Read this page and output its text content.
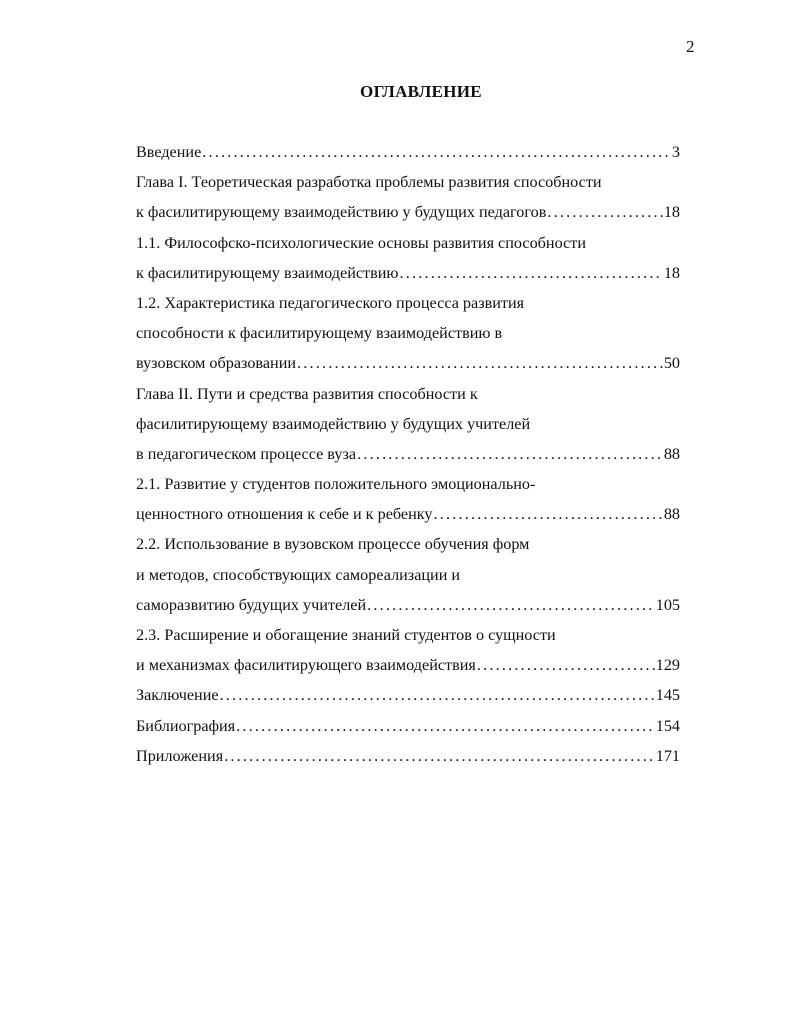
2
ОГЛАВЛЕНИЕ
Введение .....	3
Глава I. Теоретическая разработка проблемы развития способности
к фасилитирующему взаимодействию у будущих педагогов .....	18
1.1. Философско-психологические основы развития способности
к фасилитирующему взаимодействию .....	18
1.2. Характеристика педагогического процесса развития
способности к фасилитирующему взаимодействию в
вузовском образовании .....	50
Глава II. Пути и средства развития способности к
фасилитирующему взаимодействию у будущих учителей
в педагогическом процессе вуза .....	88
2.1. Развитие у студентов положительного эмоционально-
ценностного отношения к себе и к ребенку .....	88
2.2. Использование в вузовском процессе обучения форм
и методов, способствующих самореализации и
саморазвитию будущих учителей .....	105
2.3. Расширение и обогащение знаний студентов о сущности
и механизмах фасилитирующего взаимодействия .....	129
Заключение .....	145
Библиография .....	154
Приложения .....	171
